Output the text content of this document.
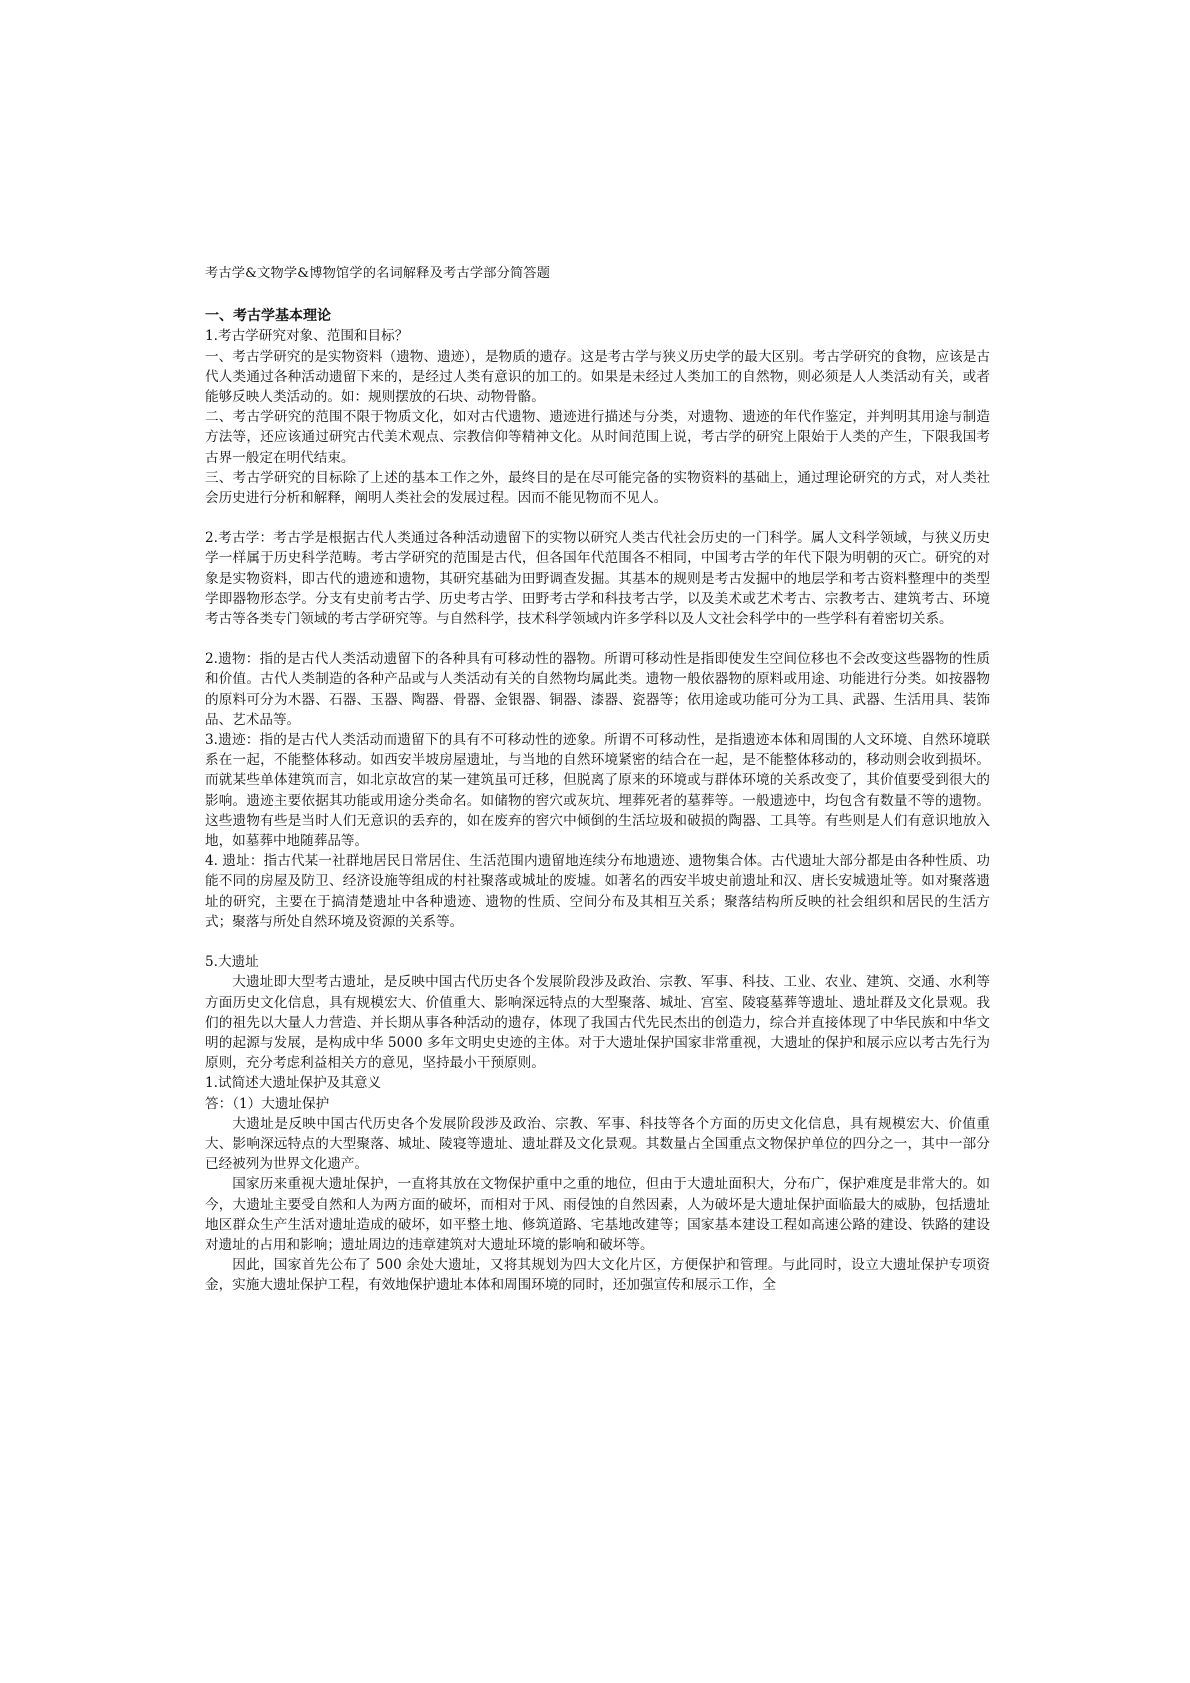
考古学&文物学&博物馆学的名词解释及考古学部分简答题

一、考古学基本理论

1.考古学研究对象、范围和目标？

一、考古学研究的是实物资料（遗物、遗迹），是物质的遗存。这是考古学与狭义历史学的最大区别。考古学研究的食物，应该是古代人类通过各种活动遗留下来的，是经过人类有意识的加工的。如果是未经过人类加工的自然物，则必须是人人类活动有关，或者能够反映人类活动的。如：规则摆放的石块、动物骨骼。

二、考古学研究的范围不限于物质文化，如对古代遗物、遗迹进行描述与分类，对遗物、遗迹的年代作鉴定，并判明其用途与制造方法等，还应该通过研究古代美术观点、宗教信仰等精神文化。从时间范围上说，考古学的研究上限始于人类的产生，下限我国考古界一般定在明代结束。

三、考古学研究的目标除了上述的基本工作之外，最终目的是在尽可能完备的实物资料的基础上，通过理论研究的方式，对人类社会历史进行分析和解释，阐明人类社会的发展过程。因而不能见物而不见人。

2.考古学：考古学是根据古代人类通过各种活动遗留下的实物以研究人类古代社会历史的一门科学。属人文科学领域，与狭义历史学一样属于历史科学范畴。考古学研究的范围是古代，但各国年代范围各不相同，中国考古学的年代下限为明朝的灭亡。研究的对象是实物资料，即古代的遗迹和遗物，其研究基础为田野调查发掘。其基本的规则是考古发掘中的地层学和考古资料整理中的类型学即器物形态学。分支有史前考古学、历史考古学、田野考古学和科技考古学，以及美术或艺术考古、宗教考古、建筑考古、环境考古等各类专门领域的考古学研究等。与自然科学，技术科学领域内许多学科以及人文社会科学中的一些学科有着密切关系。

2.遗物：指的是古代人类活动遗留下的各种具有可移动性的器物。所谓可移动性是指即使发生空间位移也不会改变这些器物的性质和价值。古代人类制造的各种产品或与人类活动有关的自然物均属此类。遗物一般依器物的原料或用途、功能进行分类。如按器物的原料可分为木器、石器、玉器、陶器、骨器、金银器、铜器、漆器、瓷器等；依用途或功能可分为工具、武器、生活用具、装饰品、艺术品等。

3.遗迹：指的是古代人类活动而遗留下的具有不可移动性的迹象。所谓不可移动性，是指遗迹本体和周围的人文环境、自然环境联系在一起，不能整体移动。如西安半坡房屋遗址，与当地的自然环境紧密的结合在一起，是不能整体移动的，移动则会收到损坏。而就某些单体建筑而言，如北京故宫的某一建筑虽可迁移，但脱离了原来的环境或与群体环境的关系改变了，其价值要受到很大的影响。遗迹主要依据其功能或用途分类命名。如储物的窖穴或灰坑、埋葬死者的墓葬等。一般遗迹中，均包含有数量不等的遗物。这些遗物有些是当时人们无意识的丢弃的，如在废弃的窖穴中倾倒的生活垃圾和破损的陶器、工具等。有些则是人们有意识地放入地，如墓葬中地随葬品等。

4. 遗址：指古代某一社群地居民日常居住、生活范围内遗留地连续分布地遗迹、遗物集合体。古代遗址大部分都是由各种性质、功能不同的房屋及防卫、经济设施等组成的村社聚落或城址的废墟。如著名的西安半坡史前遗址和汉、唐长安城遗址等。如对聚落遗址的研究，主要在于搞清楚遗址中各种遗迹、遗物的性质、空间分布及其相互关系；聚落结构所反映的社会组织和居民的生活方式；聚落与所处自然环境及资源的关系等。

5.大遗址

大遗址即大型考古遗址，是反映中国古代历史各个发展阶段涉及政治、宗教、军事、科技、工业、农业、建筑、交通、水利等方面历史文化信息，具有规模宏大、价值重大、影响深远特点的大型聚落、城址、宫室、陵寝墓葬等遗址、遗址群及文化景观。我们的祖先以大量人力营造、并长期从事各种活动的遗存，体现了我国古代先民杰出的创造力，综合并直接体现了中华民族和中华文明的起源与发展，是构成中华 5000 多年文明史史迹的主体。对于大遗址保护国家非常重视，大遗址的保护和展示应以考古先行为原则，充分考虑利益相关方的意见，坚持最小干预原则。

1.试简述大遗址保护及其意义

答：（1）大遗址保护

大遗址是反映中国古代历史各个发展阶段涉及政治、宗教、军事、科技等各个方面的历史文化信息，具有规模宏大、价值重大、影响深远特点的大型聚落、城址、陵寝等遗址、遗址群及文化景观。其数量占全国重点文物保护单位的四分之一，其中一部分已经被列为世界文化遗产。

国家历来重视大遗址保护，一直将其放在文物保护重中之重的地位，但由于大遗址面积大，分布广，保护难度是非常大的。如今，大遗址主要受自然和人为两方面的破坏，而相对于风、雨侵蚀的自然因素，人为破坏是大遗址保护面临最大的威胁，包括遗址地区群众生产生活对遗址造成的破坏，如平整土地、修筑道路、宅基地改建等；国家基本建设工程如高速公路的建设、铁路的建设对遗址的占用和影响；遗址周边的违章建筑对大遗址环境的影响和破坏等。

因此，国家首先公布了 500 余处大遗址，又将其规划为四大文化片区，方便保护和管理。与此同时，设立大遗址保护专项资金，实施大遗址保护工程，有效地保护遗址本体和周围环境的同时，还加强宣传和展示工作，全
